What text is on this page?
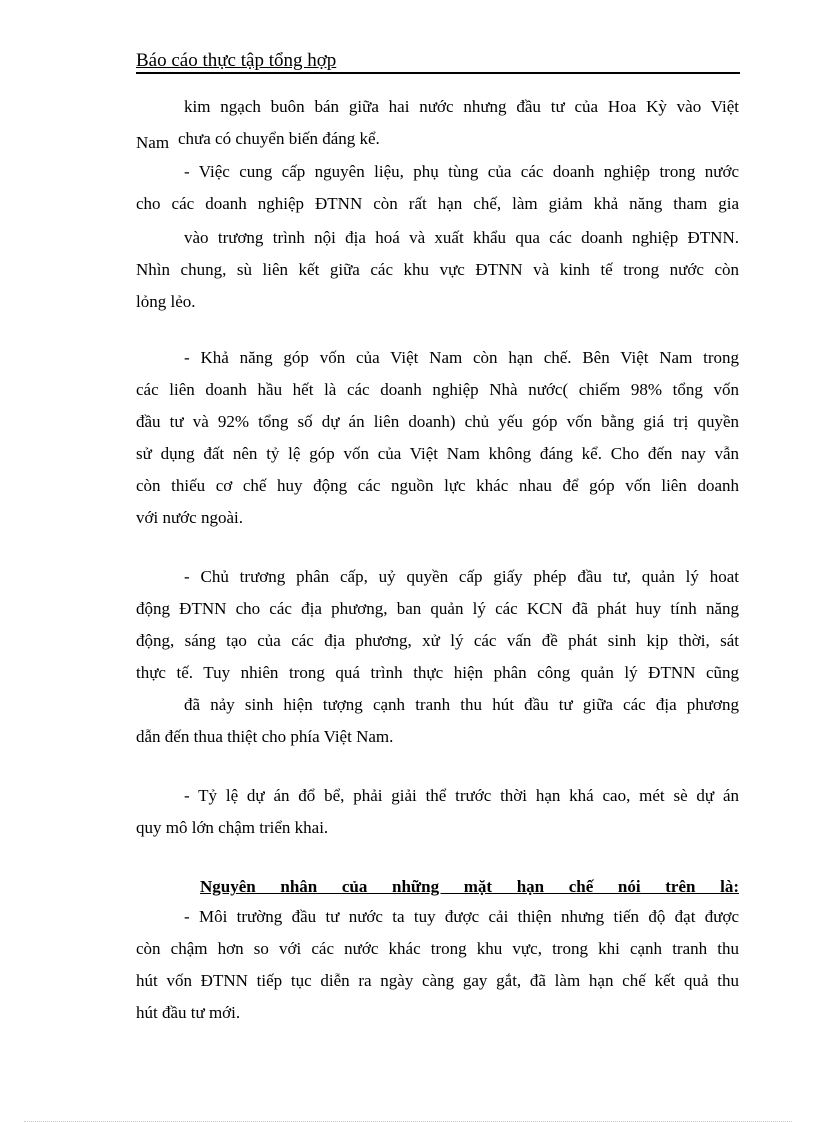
Báo cáo thực tập tổng hợp
kim ngạch buôn bán giữa hai nước nhưng đầu tư của Hoa Kỳ vào Việt
Nam chưa có chuyển biến đáng kể.
- Việc cung cấp nguyên liệu, phụ tùng của các doanh nghiệp trong nước
cho các doanh nghiệp ĐTNN còn rất hạn chế, làm giảm khả năng tham gia
vào trương trình nội địa hoá và xuất khẩu qua các doanh nghiệp ĐTNN.
Nhìn chung, sù liên kết giữa các khu vực ĐTNN và kinh tế trong nước còn
lỏng lẻo.
- Khả năng góp vốn của Việt Nam còn hạn chế. Bên Việt Nam trong
các liên doanh hầu hết là các doanh nghiệp Nhà nước( chiếm 98% tổng vốn
đầu tư và 92% tổng số dự án liên doanh) chủ yếu góp vốn bằng giá trị quyền
sử dụng đất nên tỷ lệ góp vốn của Việt Nam không đáng kể. Cho đến nay vẫn
còn thiếu cơ chế huy động các nguồn lực khác nhau để góp vốn liên doanh
với nước ngoài.
- Chủ trương phân cấp, uỷ quyền cấp giấy phép đầu tư, quản lý hoat
động ĐTNN cho các địa phương, ban quản lý các KCN đã phát huy tính năng
động, sáng tạo của các địa phương, xử lý các vấn đề phát sinh kịp thời, sát
thực tế. Tuy nhiên trong quá trình thực hiện phân công quản lý ĐTNN cũng
đã nảy sinh hiện tượng cạnh tranh thu hút đầu tư giữa các địa phương
dẫn đến thua thiệt cho phía Việt Nam.
- Tỷ lệ dự án đổ bể, phải giải thể trước thời hạn khá cao, mét sè dự án
quy mô lớn chậm triển khai.
Nguyên nhân của những mặt hạn chế nói trên là:
- Môi trường đầu tư nước ta tuy được cải thiện nhưng tiến độ đạt được
còn chậm hơn so với các nước khác trong khu vực, trong khi cạnh tranh thu
hút vốn ĐTNN tiếp tục diễn ra ngày càng gay gắt, đã làm hạn chế kết quả thu
hút đầu tư mới.
